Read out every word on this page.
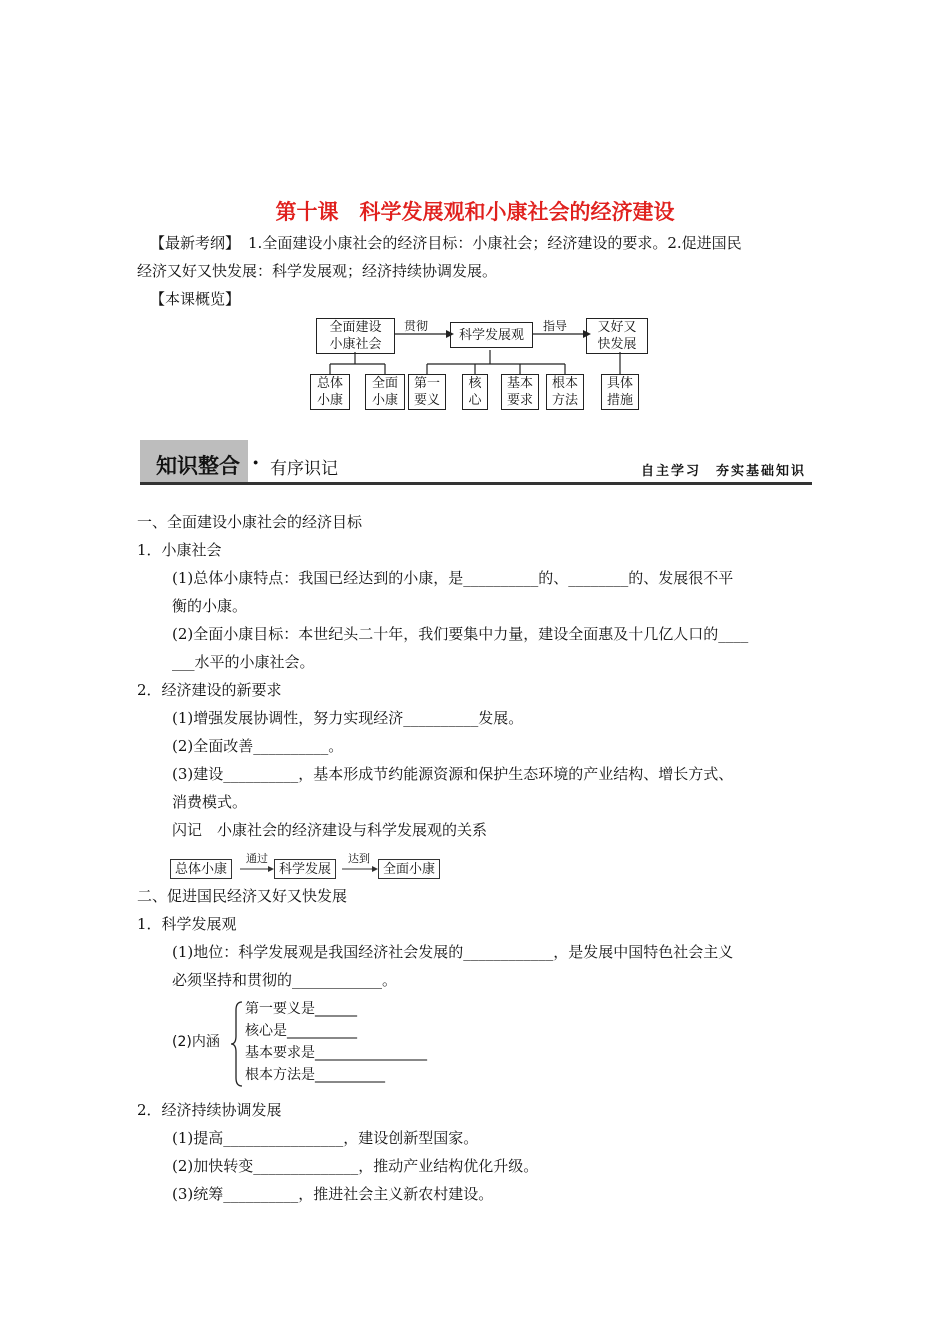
第十课　科学发展观和小康社会的经济建设
【最新考纲】 1.全面建设小康社会的经济目标：小康社会；经济建设的要求。2.促进国民
经济又好又快发展：科学发展观；经济持续协调发展。
【本课概览】
全面建设
小康社会
科学发展观	又好又
快发展
贯彻	指导
总体
小康
全面
小康
第一
要义
核
心
基本
要求
根本
方法
具体
措施
知识整合 · 有序识记	自主学习　夯实基础知识
一、全面建设小康社会的经济目标
1．小康社会
(1)总体小康特点：我国已经达到的小康，是__________的、________的、发展很不平
衡的小康。
(2)全面小康目标：本世纪头二十年，我们要集中力量，建设全面惠及十几亿人口的____
___水平的小康社会。
2．经济建设的新要求
(1)增强发展协调性，努力实现经济__________发展。
(2)全面改善__________。
(3)建设__________，基本形成节约能源资源和保护生态环境的产业结构、增长方式、
消费模式。
闪记　小康社会的经济建设与科学发展观的关系
总体小康	科学发展	全面小康
通过	达到
二、促进国民经济又好又快发展
1．科学发展观
(1)地位：科学发展观是我国经济社会发展的____________，是发展中国特色社会主义
必须坚持和贯彻的____________。
(2)内涵
第一要义是______
核心是__________
基本要求是________________
根本方法是__________
2．经济持续协调发展
(1)提高________________，建设创新型国家。
(2)加快转变______________，推动产业结构优化升级。
(3)统筹__________，推进社会主义新农村建设。
